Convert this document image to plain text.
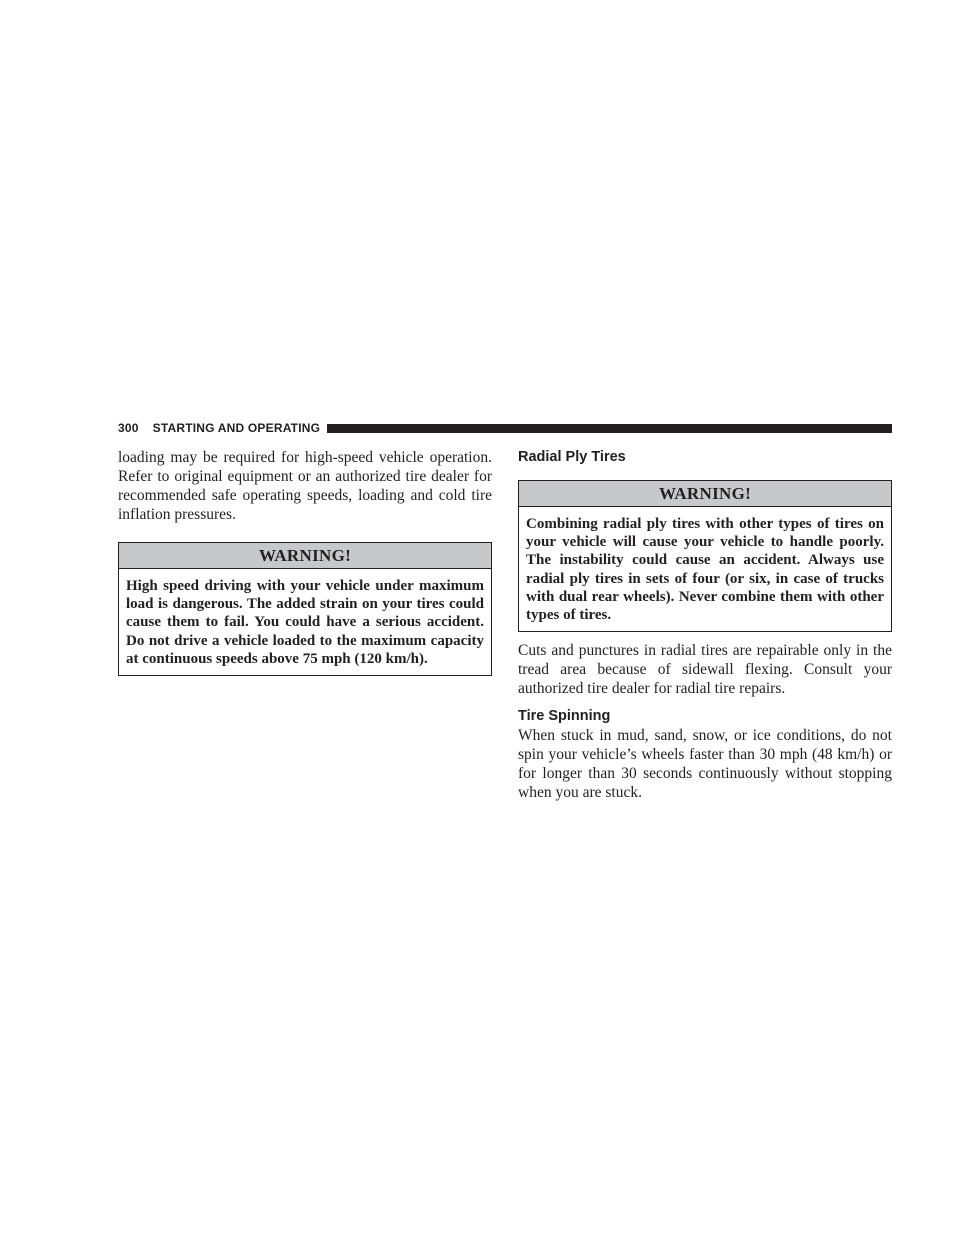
300 STARTING AND OPERATING

loading may be required for high-speed vehicle operation. Refer to original equipment or an authorized tire dealer for recommended safe operating speeds, loading and cold tire inflation pressures.

WARNING!

High speed driving with your vehicle under maximum load is dangerous. The added strain on your tires could cause them to fail. You could have a serious accident. Do not drive a vehicle loaded to the maximum capacity at continuous speeds above 75 mph (120 km/h).

Radial Ply Tires
WARNING!

Combining radial ply tires with other types of tires on your vehicle will cause your vehicle to handle poorly. The instability could cause an accident. Always use radial ply tires in sets of four (or six, in case of trucks with dual rear wheels). Never combine them with other types of tires.

Cuts and punctures in radial tires are repairable only in the tread area because of sidewall flexing. Consult your authorized tire dealer for radial tire repairs.

Tire Spinning

When stuck in mud, sand, snow, or ice conditions, do not spin your vehicle’s wheels faster than 30 mph (48 km/h) or for longer than 30 seconds continuously without stopping when you are stuck.
